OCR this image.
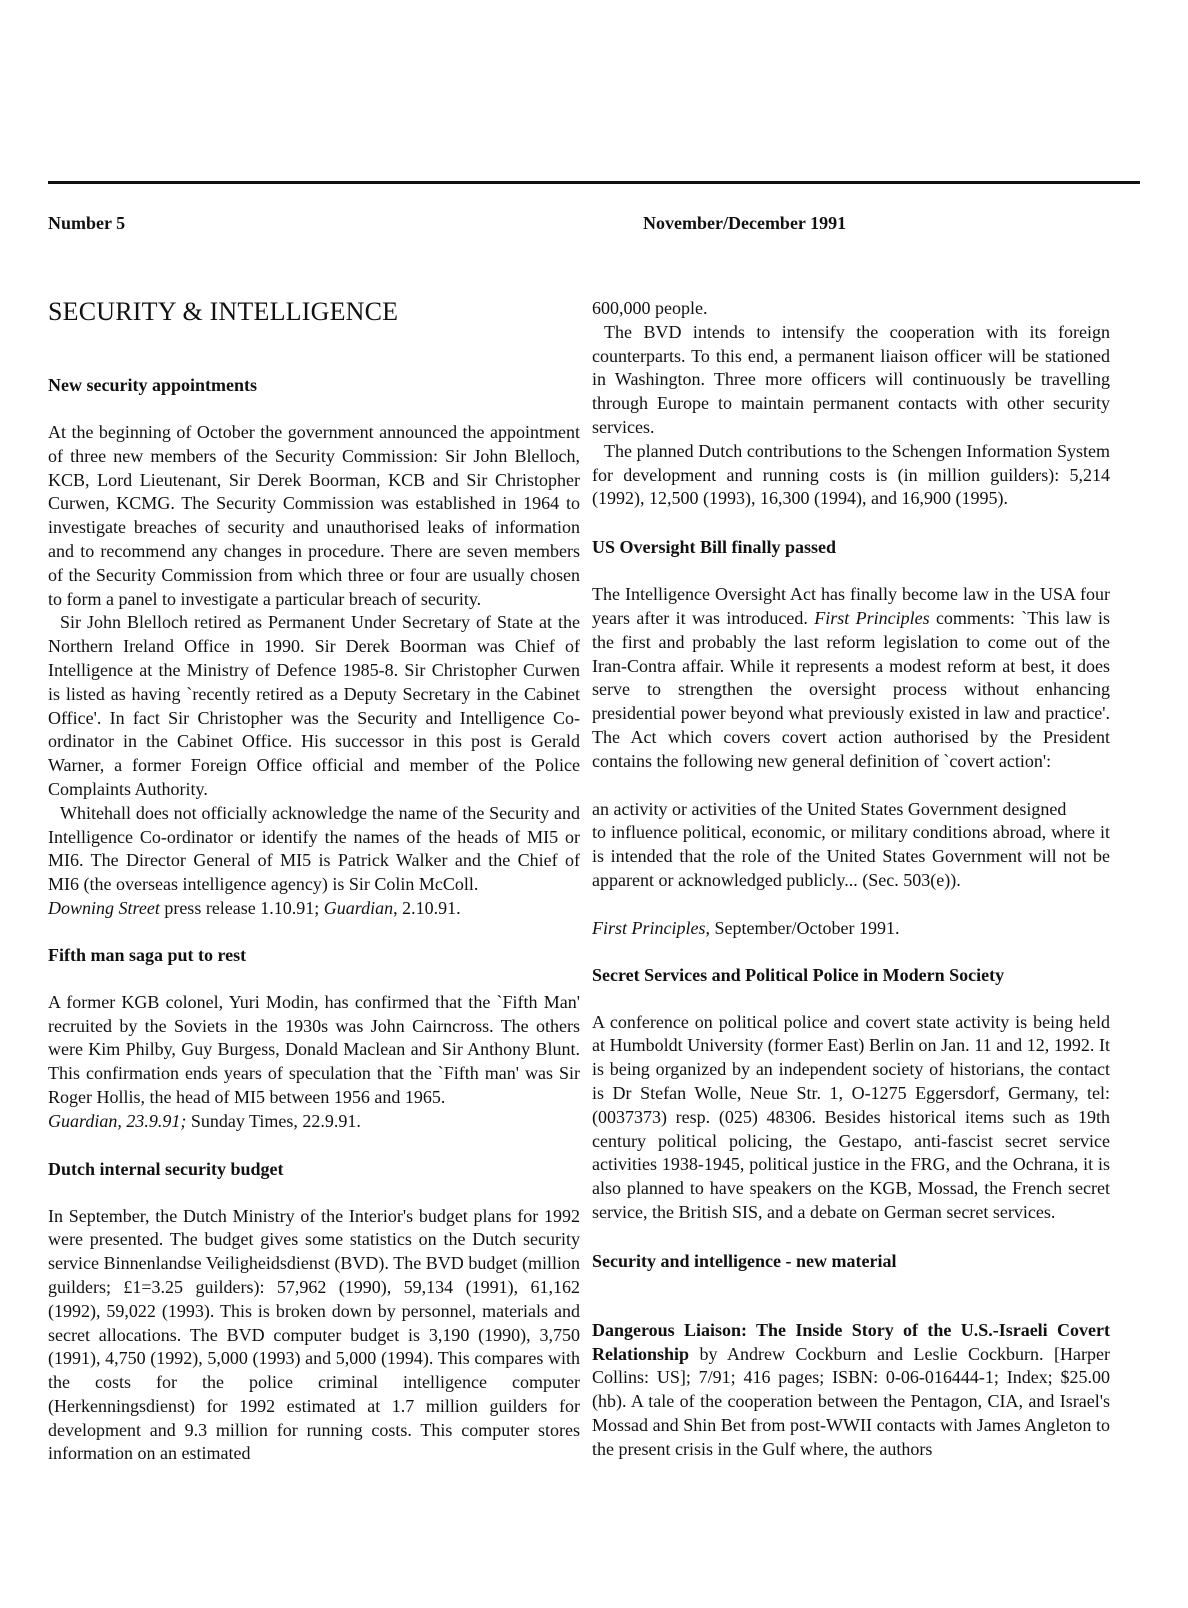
Number 5	November/December 1991
SECURITY & INTELLIGENCE
New security appointments

At the beginning of October the government announced the appointment of three new members of the Security Commission: Sir John Blelloch, KCB, Lord Lieutenant, Sir Derek Boorman, KCB and Sir Christopher Curwen, KCMG. The Security Commission was established in 1964 to investigate breaches of security and unauthorised leaks of information and to recommend any changes in procedure. There are seven members of the Security Commission from which three or four are usually chosen to form a panel to investigate a particular breach of security.

Sir John Blelloch retired as Permanent Under Secretary of State at the Northern Ireland Office in 1990. Sir Derek Boorman was Chief of Intelligence at the Ministry of Defence 1985-8. Sir Christopher Curwen is listed as having `recently retired as a Deputy Secretary in the Cabinet Office'. In fact Sir Christopher was the Security and Intelligence Co-ordinator in the Cabinet Office. His successor in this post is Gerald Warner, a former Foreign Office official and member of the Police Complaints Authority.

Whitehall does not officially acknowledge the name of the Security and Intelligence Co-ordinator or identify the names of the heads of MI5 or MI6. The Director General of MI5 is Patrick Walker and the Chief of MI6 (the overseas intelligence agency) is Sir Colin McColl.

Downing Street press release 1.10.91; Guardian, 2.10.91.

Fifth man saga put to rest

A former KGB colonel, Yuri Modin, has confirmed that the `Fifth Man' recruited by the Soviets in the 1930s was John Cairncross. The others were Kim Philby, Guy Burgess, Donald Maclean and Sir Anthony Blunt. This confirmation ends years of speculation that the `Fifth man' was Sir Roger Hollis, the head of MI5 between 1956 and 1965.

Guardian, 23.9.91; Sunday Times, 22.9.91.

Dutch internal security budget

In September, the Dutch Ministry of the Interior's budget plans for 1992 were presented. The budget gives some statistics on the Dutch security service Binnenlandse Veiligheidsdienst (BVD). The BVD budget (million guilders; £1=3.25 guilders): 57,962 (1990), 59,134 (1991), 61,162 (1992), 59,022 (1993). This is broken down by personnel, materials and secret allocations. The BVD computer budget is 3,190 (1990), 3,750 (1991), 4,750 (1992), 5,000 (1993) and 5,000 (1994). This compares with the costs for the police criminal intelligence computer (Herkenningsdienst) for 1992 estimated at 1.7 million guilders for development and 9.3 million for running costs. This computer stores information on an estimated

600,000 people.

The BVD intends to intensify the cooperation with its foreign counterparts. To this end, a permanent liaison officer will be stationed in Washington. Three more officers will continuously be travelling through Europe to maintain permanent contacts with other security services.

The planned Dutch contributions to the Schengen Information System for development and running costs is (in million guilders): 5,214 (1992), 12,500 (1993), 16,300 (1994), and 16,900 (1995).

US Oversight Bill finally passed

The Intelligence Oversight Act has finally become law in the USA four years after it was introduced. First Principles comments: `This law is the first and probably the last reform legislation to come out of the Iran-Contra affair. While it represents a modest reform at best, it does serve to strengthen the oversight process without enhancing presidential power beyond what previously existed in law and practice'. The Act which covers covert action authorised by the President contains the following new general definition of `covert action':

an activity or activities of the United States Government designed

to influence political, economic, or military conditions abroad, where it is intended that the role of the United States Government will not be apparent or acknowledged publicly... (Sec. 503(e)).

First Principles, September/October 1991.

Secret Services and Political Police in Modern Society

A conference on political police and covert state activity is being held at Humboldt University (former East) Berlin on Jan. 11 and 12, 1992. It is being organized by an independent society of historians, the contact is Dr Stefan Wolle, Neue Str. 1, O-1275 Eggersdorf, Germany, tel: (0037373) resp. (025) 48306. Besides historical items such as 19th century political policing, the Gestapo, anti-fascist secret service activities 1938-1945, political justice in the FRG, and the Ochrana, it is also planned to have speakers on the KGB, Mossad, the French secret service, the British SIS, and a debate on German secret services.

Security and intelligence - new material

Dangerous Liaison: The Inside Story of the U.S.-Israeli Covert Relationship by Andrew Cockburn and Leslie Cockburn. [Harper Collins: US]; 7/91; 416 pages; ISBN: 0-06-016444-1; Index; $25.00 (hb). A tale of the cooperation between the Pentagon, CIA, and Israel's Mossad and Shin Bet from post-WWII contacts with James Angleton to the present crisis in the Gulf where, the authors
